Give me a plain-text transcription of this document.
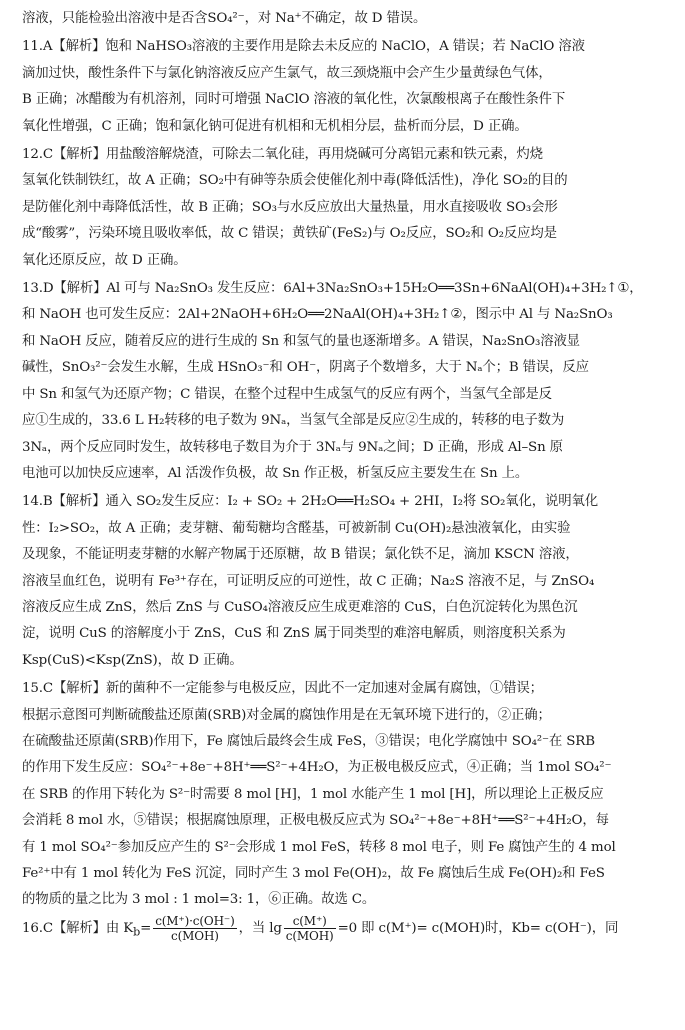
溶液，只能检验出溶液中是否含SO₄²⁻，对 Na⁺不确定，故 D 错误。

11.A【解析】饱和 NaHSO₃溶液的主要作用是除去未反应的 NaClO，A 错误；若 NaClO 溶液

滴加过快，酸性条件下与氯化钠溶液反应产生氯气，故三颈烧瓶中会产生少量黄绿色气体，

B 正确；冰醋酸为有机溶剂，同时可增强 NaClO 溶液的氧化性，次氯酸根离子在酸性条件下

氧化性增强，C 正确；饱和氯化钠可促进有机相和无机相分层，盐析而分层，D 正确。

12.C【解析】用盐酸溶解烧渣，可除去二氧化硅，再用烧碱可分离铝元素和铁元素，灼烧

氢氧化铁制铁红，故 A 正确；SO₂中有砷等杂质会使催化剂中毒(降低活性)，净化 SO₂的目的

是防催化剂中毒降低活性，故 B 正确；SO₃与水反应放出大量热量，用水直接吸收 SO₃会形

成“酸雾”，污染环境且吸收率低，故 C 错误；黄铁矿(FeS₂)与 O₂反应，SO₂和 O₂反应均是

氧化还原反应，故 D 正确。

13.D【解析】Al 可与 Na₂SnO₃ 发生反应：6Al+3Na₂SnO₃+15H₂O══3Sn+6NaAl(OH)₄+3H₂↑①，

和 NaOH 也可发生反应：2Al+2NaOH+6H₂O══2NaAl(OH)₄+3H₂↑②，图示中 Al 与 Na₂SnO₃

和 NaOH 反应，随着反应的进行生成的 Sn 和氢气的量也逐渐增多。A 错误，Na₂SnO₃溶液显

碱性，SnO₃²⁻会发生水解，生成 HSnO₃⁻和 OH⁻，阴离子个数增多，大于 Nₐ个；B 错误，反应

中 Sn 和氢气为还原产物；C 错误，在整个过程中生成氢气的反应有两个，当氢气全部是反

应①生成的，33.6 L H₂转移的电子数为 9Nₐ，当氢气全部是反应②生成的，转移的电子数为

3Nₐ，两个反应同时发生，故转移电子数目为介于 3Nₐ与 9Nₐ之间；D 正确，形成 Al–Sn 原

电池可以加快反应速率，Al 活泼作负极，故 Sn 作正极，析氢反应主要发生在 Sn 上。

14.B【解析】通入 SO₂发生反应：I₂ + SO₂ + 2H₂O══H₂SO₄ + 2HI，I₂将 SO₂氧化，说明氧化

性：I₂>SO₂，故 A 正确；麦芽糖、葡萄糖均含醛基，可被新制 Cu(OH)₂悬浊液氧化，由实验

及现象，不能证明麦芽糖的水解产物属于还原糖，故 B 错误；氯化铁不足，滴加 KSCN 溶液，

溶液呈血红色，说明有 Fe³⁺存在，可证明反应的可逆性，故 C 正确；Na₂S 溶液不足，与 ZnSO₄

溶液反应生成 ZnS，然后 ZnS 与 CuSO₄溶液反应生成更难溶的 CuS，白色沉淀转化为黑色沉

淀，说明 CuS 的溶解度小于 ZnS，CuS 和 ZnS 属于同类型的难溶电解质，则溶度积关系为

Ksp(CuS)<Ksp(ZnS)，故 D 正确。

15.C【解析】新的菌种不一定能参与电极反应，因此不一定加速对金属有腐蚀，①错误；

根据示意图可判断硫酸盐还原菌(SRB)对金属的腐蚀作用是在无氧环境下进行的，②正确；

在硫酸盐还原菌(SRB)作用下，Fe 腐蚀后最终会生成 FeS，③错误；电化学腐蚀中 SO₄²⁻在 SRB

的作用下发生反应：SO₄²⁻+8e⁻+8H⁺══S²⁻+4H₂O，为正极电极反应式，④正确；当 1mol SO₄²⁻

在 SRB 的作用下转化为 S²⁻时需要 8 mol [H]，1 mol 水能产生 1 mol [H]，所以理论上正极反应

会消耗 8 mol 水，⑤错误；根据腐蚀原理，正极电极反应式为 SO₄²⁻+8e⁻+8H⁺══S²⁻+4H₂O，每

有 1 mol SO₄²⁻参加反应产生的 S²⁻会形成 1 mol FeS，转移 8 mol 电子，则 Fe 腐蚀产生的 4 mol

Fe²⁺中有 1 mol 转化为 FeS 沉淀，同时产生 3 mol Fe(OH)₂，故 Fe 腐蚀后生成 Fe(OH)₂和 FeS

的物质的量之比为 3 mol : 1 mol=3: 1，⑥正确。故选 C。

16.C【解析】由 $K_b= \frac{c(M^+)\cdot c(OH^-)}{\text{c(MOH)}}$ ，当 $\lg \frac{c(M^+)}{\text{c(MOH)}} =0$ 即 c(M⁺)= c(MOH)时，Kb= c(OH⁻)，同
